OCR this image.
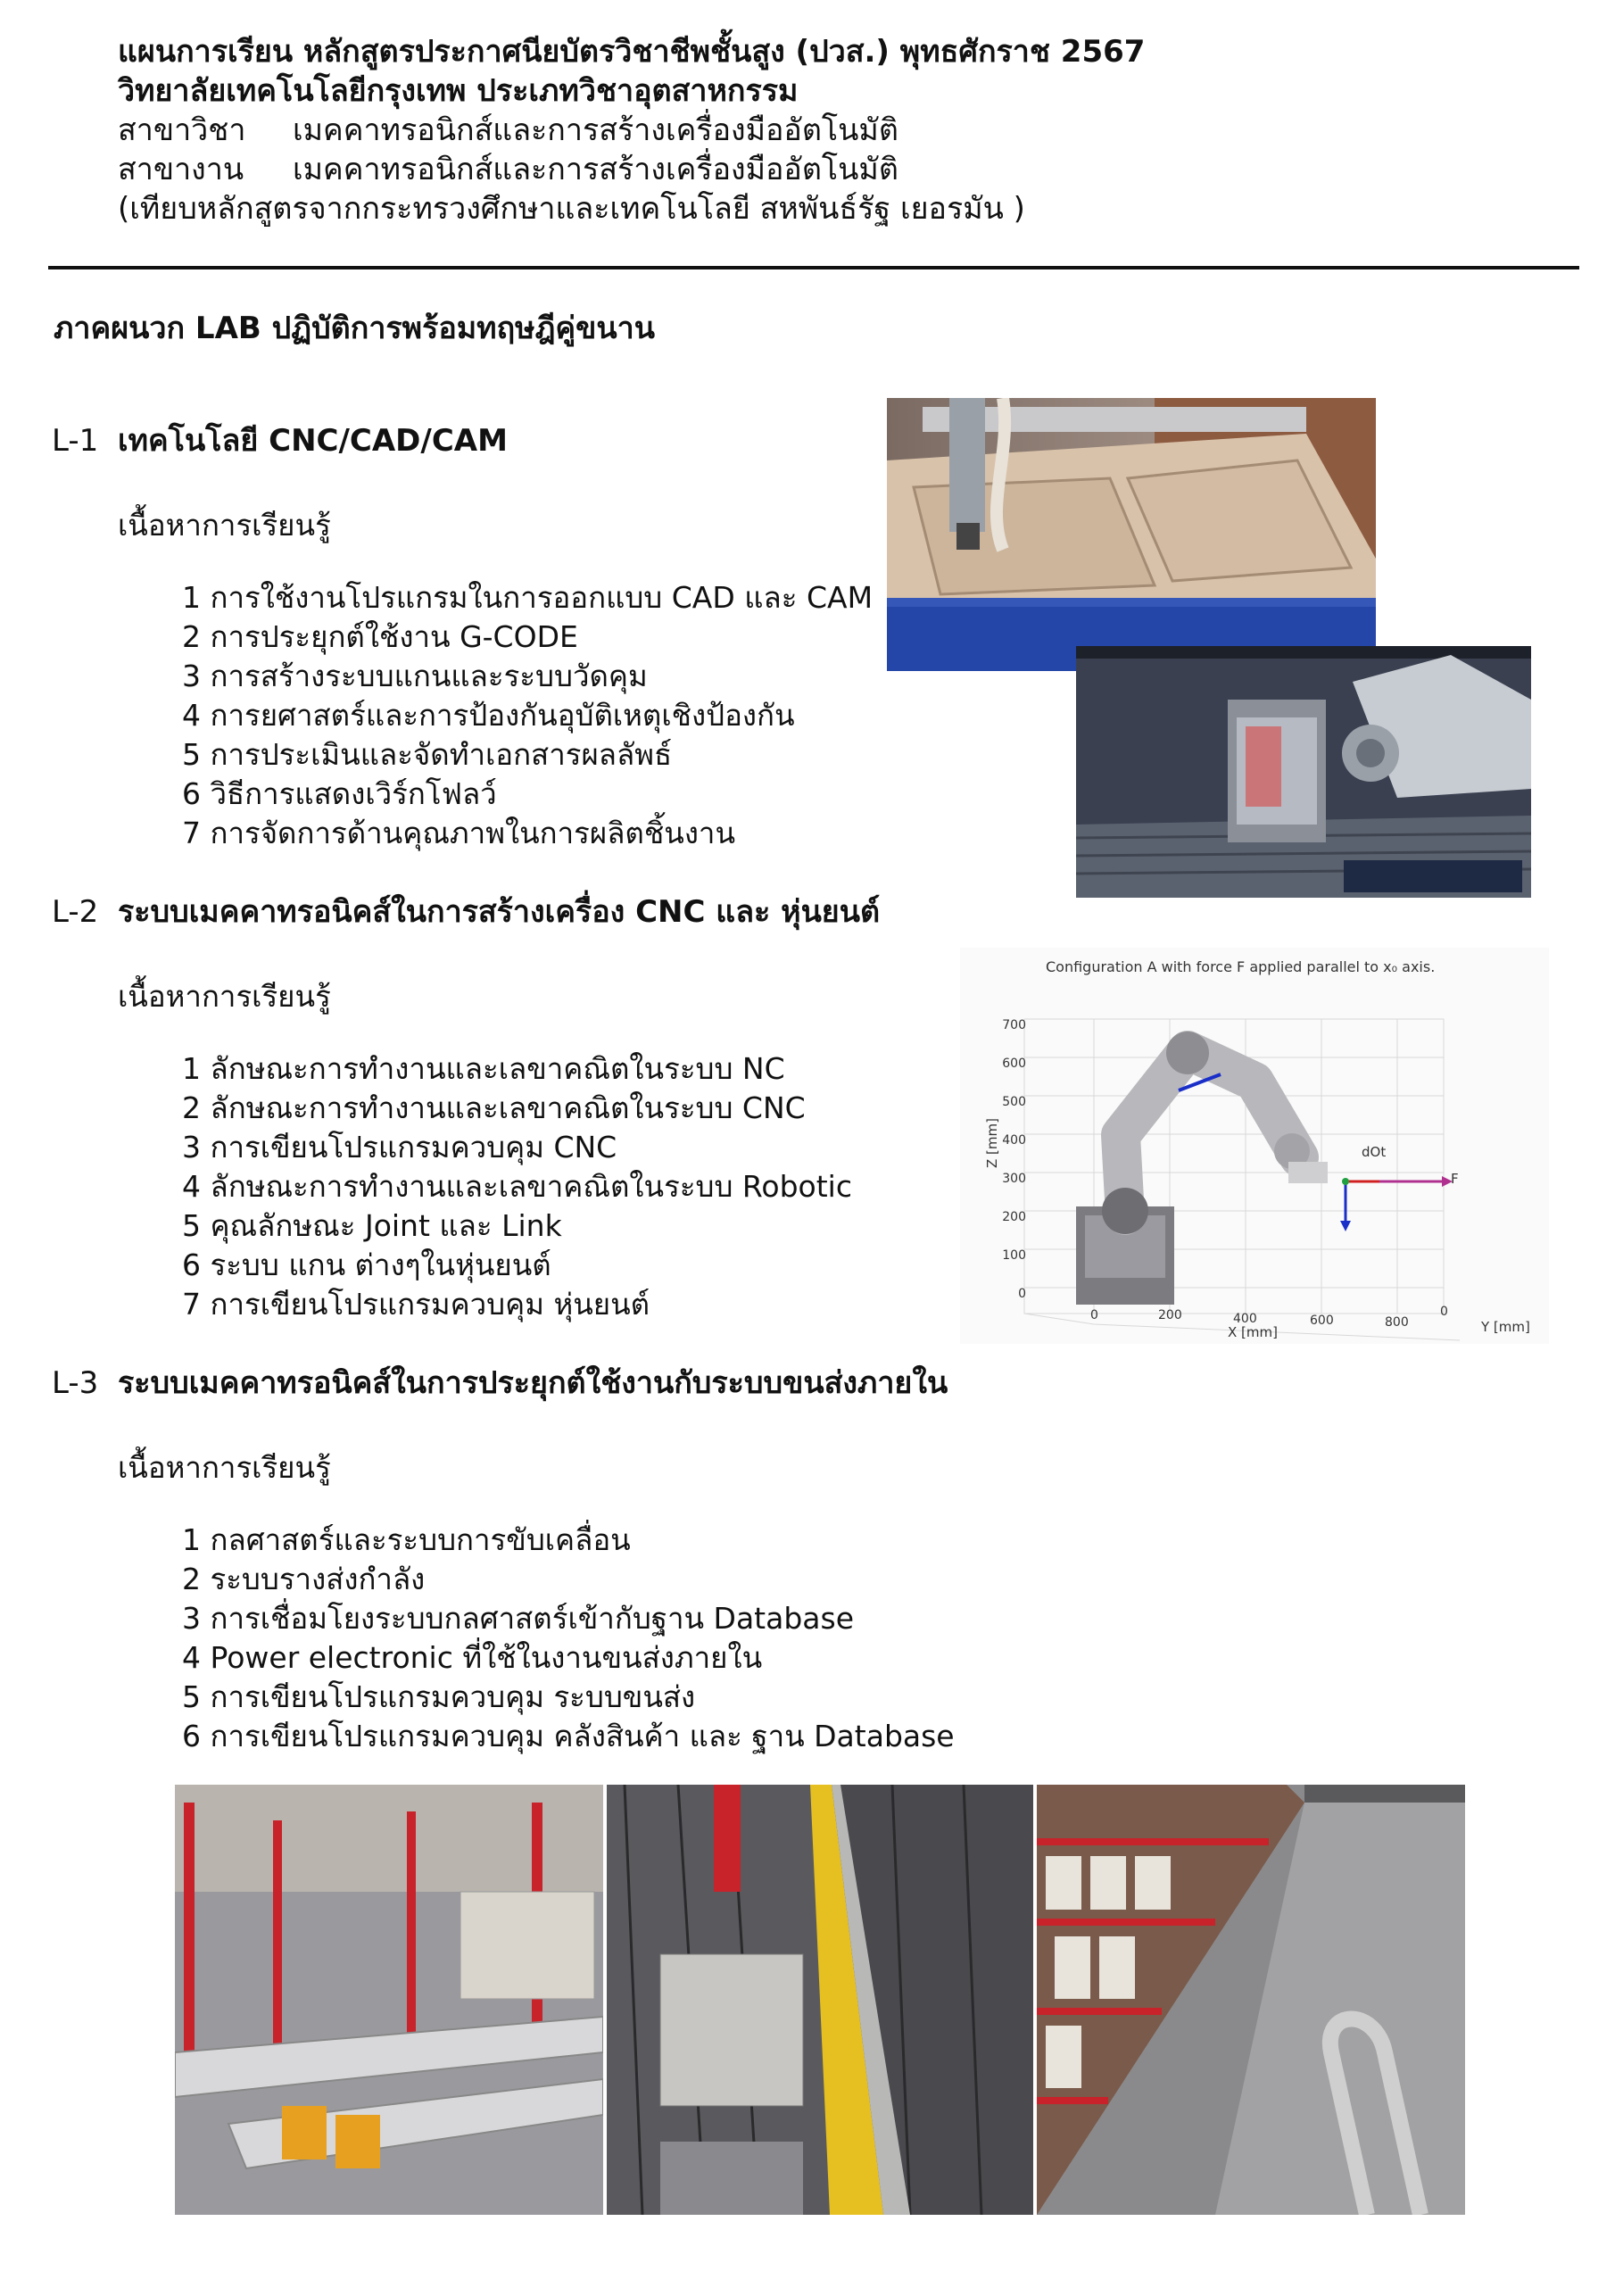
แผนการเรียน หลักสูตรประกาศนียบัตรวิชาชีพชั้นสูง (ปวส.) พุทธศักราช 2567
วิทยาลัยเทคโนโลยีกรุงเทพ ประเภทวิชาอุตสาหกรรม
สาขาวิชา เมคคาทรอนิกส์และการสร้างเครื่องมืออัตโนมัติ
สาขางาน เมคคาทรอนิกส์และการสร้างเครื่องมืออัตโนมัติ
(เทียบหลักสูตรจากกระทรวงศึกษาและเทคโนโลยี สหพันธ์รัฐ เยอรมัน )
ภาคผนวก LAB ปฏิบัติการพร้อมทฤษฎีคู่ขนาน
L-1 เทคโนโลยี CNC/CAD/CAM
เนื้อหาการเรียนรู้
1 การใช้งานโปรแกรมในการออกแบบ CAD และ CAM
2 การประยุกต์ใช้งาน G-CODE
3 การสร้างระบบแกนและระบบวัดคุม
4 การยศาสตร์และการป้องกันอุบัติเหตุเชิงป้องกัน
5 การประเมินและจัดทำเอกสารผลลัพธ์
6 วิธีการแสดงเวิร์กโฟลว์
7 การจัดการด้านคุณภาพในการผลิตชิ้นงาน
L-2 ระบบเมคคาทรอนิคส์ในการสร้างเครื่อง CNC และ หุ่นยนต์
เนื้อหาการเรียนรู้
1 ลักษณะการทำงานและเลขาคณิตในระบบ NC
2 ลักษณะการทำงานและเลขาคณิตในระบบ CNC
3 การเขียนโปรแกรมควบคุม CNC
4 ลักษณะการทำงานและเลขาคณิตในระบบ Robotic
5 คุณลักษณะ Joint และ Link
6 ระบบ แกน ต่างๆในหุ่นยนต์
7 การเขียนโปรแกรมควบคุม หุ่นยนต์
Configuration A with force F applied parallel to x₀ axis.
700
600
500
400
300
200
100
0
Z [mm]
0	200	400	600	800
0
X [mm]	Y [mm]
F
dOt
L-3 ระบบเมคคาทรอนิคส์ในการประยุกต์ใช้งานกับระบบขนส่งภายใน
เนื้อหาการเรียนรู้
1 กลศาสตร์และระบบการขับเคลื่อน
2 ระบบรางส่งกำลัง
3 การเชื่อมโยงระบบกลศาสตร์เข้ากับฐาน Database
4 Power electronic ที่ใช้ในงานขนส่งภายใน
5 การเขียนโปรแกรมควบคุม ระบบขนส่ง
6 การเขียนโปรแกรมควบคุม คลังสินค้า และ ฐาน Database
